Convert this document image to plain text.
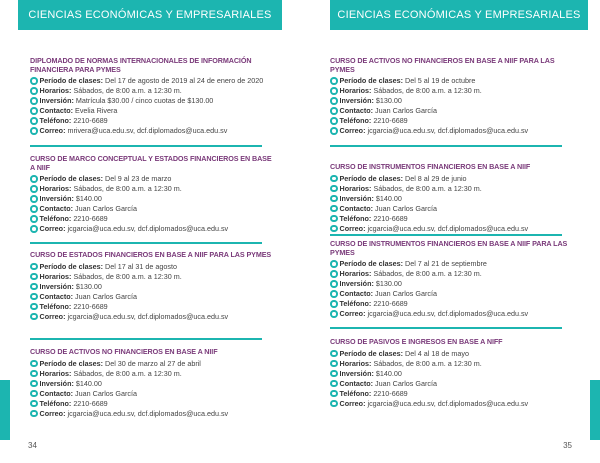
CIENCIAS ECONÓMICAS Y EMPRESARIALES
DIPLOMADO DE NORMAS INTERNACIONALES DE INFORMACIÓN FINANCIERA PARA PYMES
Período de clases: Del 17 de agosto de 2019 al 24 de enero de 2020
Horarios: Sábados, de 8:00 a.m. a 12:30 m.
Inversión: Matrícula $30.00 / cinco cuotas de $130.00
Contacto: Evelia Rivera
Teléfono: 2210-6689
Correo: mrivera@uca.edu.sv, dcf.diplomados@uca.edu.sv
CURSO DE MARCO CONCEPTUAL Y ESTADOS FINANCIEROS EN BASE A NIIF
Período de clases: Del 9 al 23 de marzo
Horarios: Sábados, de 8:00 a.m. a 12:30 m.
Inversión: $140.00
Contacto: Juan Carlos García
Teléfono: 2210-6689
Correo: jcgarcia@uca.edu.sv, dcf.diplomados@uca.edu.sv
CURSO DE ESTADOS FINANCIEROS EN BASE A NIIF PARA LAS PYMES
Período de clases: Del 17 al 31 de agosto
Horarios: Sábados, de 8:00 a.m. a 12:30 m.
Inversión: $130.00
Contacto: Juan Carlos García
Teléfono: 2210-6689
Correo: jcgarcia@uca.edu.sv, dcf.diplomados@uca.edu.sv
CURSO DE ACTIVOS NO FINANCIEROS EN BASE A NIIF
Período de clases: Del 30 de marzo al 27 de abril
Horarios: Sábados, de 8:00 a.m. a 12:30 m.
Inversión: $140.00
Contacto: Juan Carlos García
Teléfono: 2210-6689
Correo: jcgarcia@uca.edu.sv, dcf.diplomados@uca.edu.sv
34
CIENCIAS ECONÓMICAS Y EMPRESARIALES
CURSO DE ACTIVOS NO FINANCIEROS EN BASE A NIIF PARA LAS PYMES
Período de clases: Del 5 al 19 de octubre
Horarios: Sábados, de 8:00 a.m. a 12:30 m.
Inversión: $130.00
Contacto: Juan Carlos García
Teléfono: 2210-6689
Correo: jcgarcia@uca.edu.sv, dcf.diplomados@uca.edu.sv
CURSO DE INSTRUMENTOS FINANCIEROS EN BASE A NIIF
Período de clases: Del 8 al 29 de junio
Horarios: Sábados, de 8:00 a.m. a 12:30 m.
Inversión: $140.00
Contacto: Juan Carlos García
Teléfono: 2210-6689
Correo: jcgarcia@uca.edu.sv, dcf.diplomados@uca.edu.sv
CURSO DE INSTRUMENTOS FINANCIEROS EN BASE A NIIF PARA LAS PYMES
Período de clases: Del 7 al 21 de septiembre
Horarios: Sábados, de 8:00 a.m. a 12:30 m.
Inversión: $130.00
Contacto: Juan Carlos García
Teléfono: 2210-6689
Correo: jcgarcia@uca.edu.sv, dcf.diplomados@uca.edu.sv
CURSO DE PASIVOS E INGRESOS EN BASE A NIFF
Período de clases: Del 4 al 18 de mayo
Horarios: Sábados, de 8:00 a.m. a 12:30 m.
Inversión: $140.00
Contacto: Juan Carlos García
Teléfono: 2210-6689
Correo: jcgarcia@uca.edu.sv, dcf.diplomados@uca.edu.sv
35
